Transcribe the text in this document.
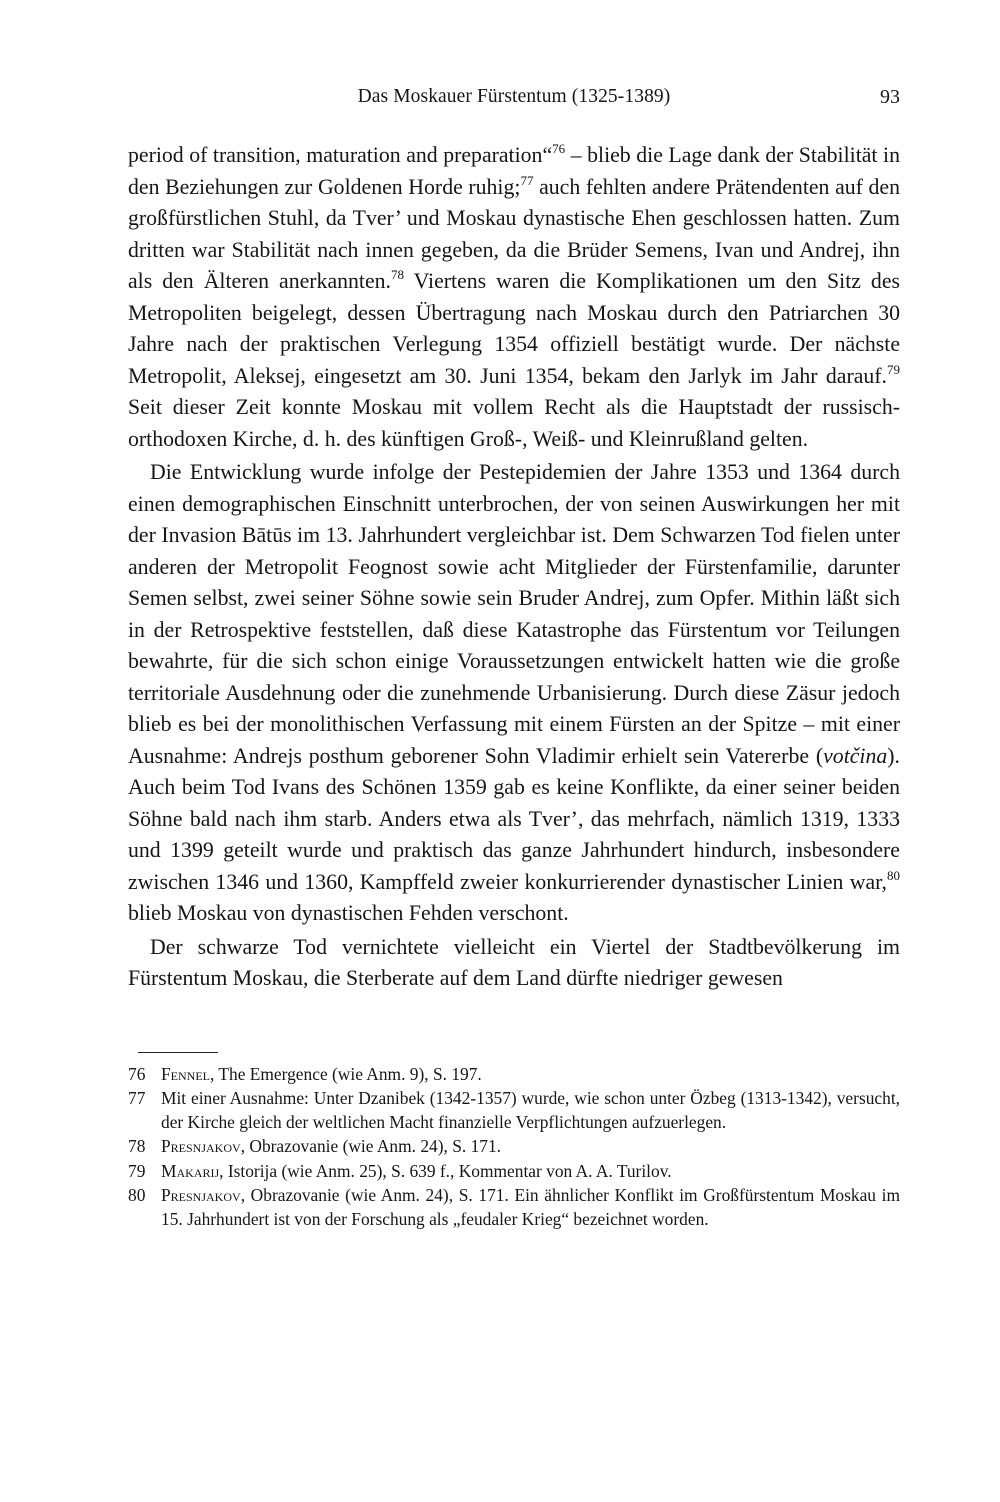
Das Moskauer Fürstentum (1325-1389)	93

period of transition, maturation and preparation“$^{76}$ – blieb die Lage dank der Stabilität in den Beziehungen zur Goldenen Horde ruhig;$^{77}$ auch fehlten andere Prätendenten auf den großfürstlichen Stuhl, da Tver’ und Moskau dynastische Ehen geschlossen hatten. Zum dritten war Stabilität nach innen gegeben, da die Brüder Semens, Ivan und Andrej, ihn als den Älteren anerkannten.$^{78}$ Viertens waren die Komplikationen um den Sitz des Metropoliten beigelegt, dessen Übertragung nach Moskau durch den Patriarchen 30 Jahre nach der praktischen Verlegung 1354 offiziell bestätigt wurde. Der nächste Metropolit, Aleksej, eingesetzt am 30. Juni 1354, bekam den Jarlyk im Jahr darauf.$^{79}$ Seit dieser Zeit konnte Moskau mit vollem Recht als die Hauptstadt der russisch-orthodoxen Kirche, d. h. des künftigen Groß-, Weiß- und Kleinrußland gelten.

Die Entwicklung wurde infolge der Pestepidemien der Jahre 1353 und 1364 durch einen demographischen Einschnitt unterbrochen, der von seinen Auswirkungen her mit der Invasion Bātūs im 13. Jahrhundert vergleichbar ist. Dem Schwarzen Tod fielen unter anderen der Metropolit Feognost sowie acht Mitglieder der Fürstenfamilie, darunter Semen selbst, zwei seiner Söhne sowie sein Bruder Andrej, zum Opfer. Mithin läßt sich in der Retrospektive feststellen, daß diese Katastrophe das Fürstentum vor Teilungen bewahrte, für die sich schon einige Voraussetzungen entwickelt hatten wie die große territoriale Ausdehnung oder die zunehmende Urbanisierung. Durch diese Zäsur jedoch blieb es bei der monolithischen Verfassung mit einem Fürsten an der Spitze – mit einer Ausnahme: Andrejs posthum geborener Sohn Vladimir erhielt sein Vatererbe (votčina). Auch beim Tod Ivans des Schönen 1359 gab es keine Konflikte, da einer seiner beiden Söhne bald nach ihm starb. Anders etwa als Tver’, das mehrfach, nämlich 1319, 1333 und 1399 geteilt wurde und praktisch das ganze Jahrhundert hindurch, insbesondere zwischen 1346 und 1360, Kampffeld zweier konkurrierender dynastischer Linien war,$^{80}$ blieb Moskau von dynastischen Fehden verschont.

Der schwarze Tod vernichtete vielleicht ein Viertel der Stadtbevölkerung im Fürstentum Moskau, die Sterberate auf dem Land dürfte niedriger gewesen

76 Fennel, The Emergence (wie Anm. 9), S. 197.
77 Mit einer Ausnahme: Unter Dzanibek (1342-1357) wurde, wie schon unter Özbeg (1313-1342), versucht, der Kirche gleich der weltlichen Macht finanzielle Verpflichtungen aufzuerlegen.
78 Presnjakov, Obrazovanie (wie Anm. 24), S. 171.
79 Makarij, Istorija (wie Anm. 25), S. 639 f., Kommentar von A. A. Turilov.
80 Presnjakov, Obrazovanie (wie Anm. 24), S. 171. Ein ähnlicher Konflikt im Großfürstentum Moskau im 15. Jahrhundert ist von der Forschung als „feudaler Krieg“ bezeichnet worden.
